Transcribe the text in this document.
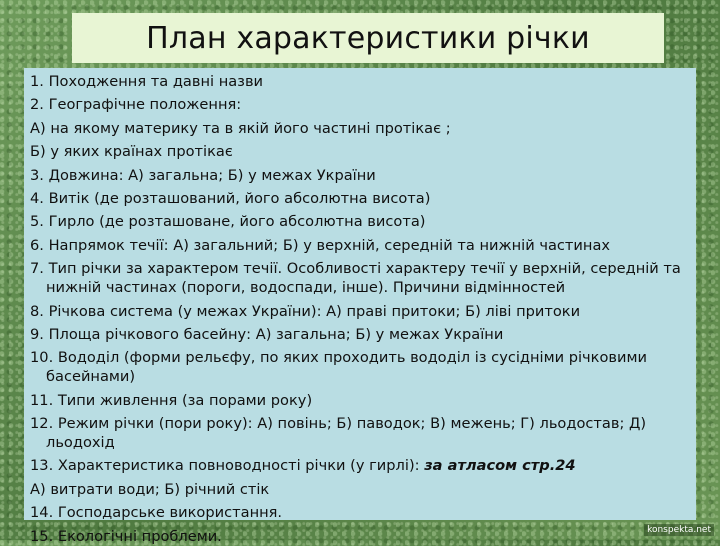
План характеристики річки
1. Походження та давні назви
2. Географічне положення:
А) на якому материку та в якій його частині протікає ;
Б) у яких країнах протікає
3. Довжина: А) загальна; Б) у межах України
4. Витік (де розташований, його абсолютна висота)
5. Гирло (де розташоване, його абсолютна висота)
6. Напрямок течії: А) загальний; Б) у верхній, середній та нижній частинах
7. Тип річки за характером течії. Особливості характеру течії у верхній, середній та нижній частинах (пороги, водоспади, інше). Причини відмінностей
8. Річкова система (у межах України): А) праві притоки; Б) ліві притоки
9. Площа річкового басейну: А) загальна; Б) у межах України
10. Вододіл (форми рельєфу, по яких проходить вододіл із сусідніми річковими басейнами)
11. Типи живлення (за порами року)
12. Режим річки (пори року): А) повінь; Б) паводок; В) межень; Г) льодостав; Д) льодохід
13. Характеристика повноводності річки (у гирлі): за атласом стр.24
А) витрати води; Б) річний стік
14. Господарське використання.
15. Екологічні проблеми.	konspekta.net
